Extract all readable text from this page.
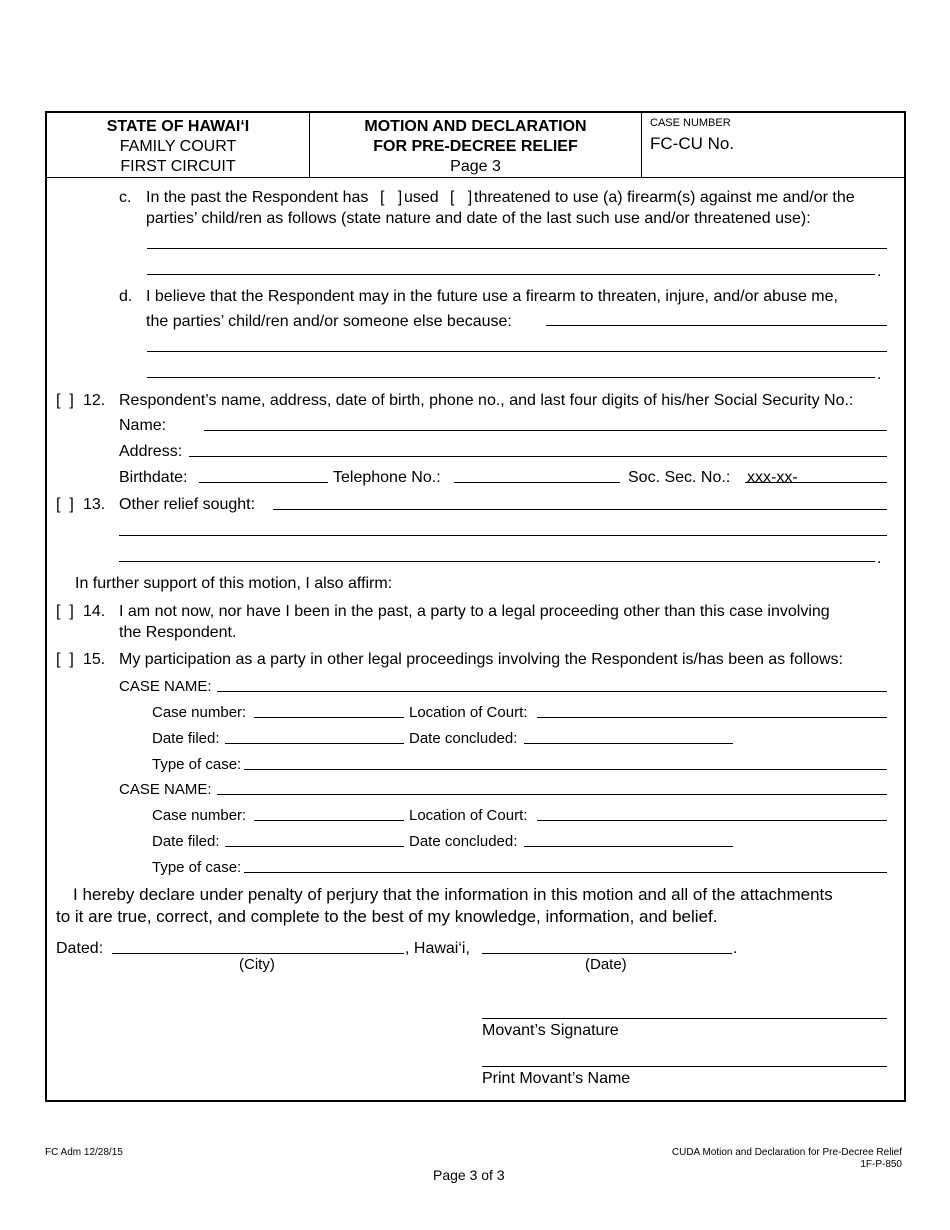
STATE OF HAWAI‘I
FAMILY COURT
FIRST CIRCUIT
MOTION AND DECLARATION
FOR PRE-DECREE RELIEF
Page 3
CASE NUMBER
FC-CU No.
c. In the past the Respondent has [ ] used [ ] threatened to use (a) firearm(s) against me and/or the
parties’ child/ren as follows (state nature and date of the last such use and/or threatened use):
.
d. I believe that the Respondent may in the future use a firearm to threaten, injure, and/or abuse me,
the parties’ child/ren and/or someone else because:
.
[ ] 12. Respondent’s name, address, date of birth, phone no., and last four digits of his/her Social Security No.:
Name:
Address:
Birthdate:	Telephone No.:	Soc. Sec. No.: xxx-xx-
[ ] 13. Other relief sought:
.
In further support of this motion, I also affirm:
[ ] 14. I am not now, nor have I been in the past, a party to a legal proceeding other than this case involving
the Respondent.
[ ] 15. My participation as a party in other legal proceedings involving the Respondent is/has been as follows:
CASE NAME:
Case number:	Location of Court:
Date filed:	Date concluded:
Type of case:
CASE NAME:
Case number:	Location of Court:
Date filed:	Date concluded:
Type of case:
I hereby declare under penalty of perjury that the information in this motion and all of the attachments
to it are true, correct, and complete to the best of my knowledge, information, and belief.
Dated:	, Hawai‘i,	.
(City)	(Date)
Movant’s Signature
Print Movant’s Name
FC Adm 12/28/15	CUDA Motion and Declaration for Pre-Decree Relief
1F-P-850
Page 3 of 3
